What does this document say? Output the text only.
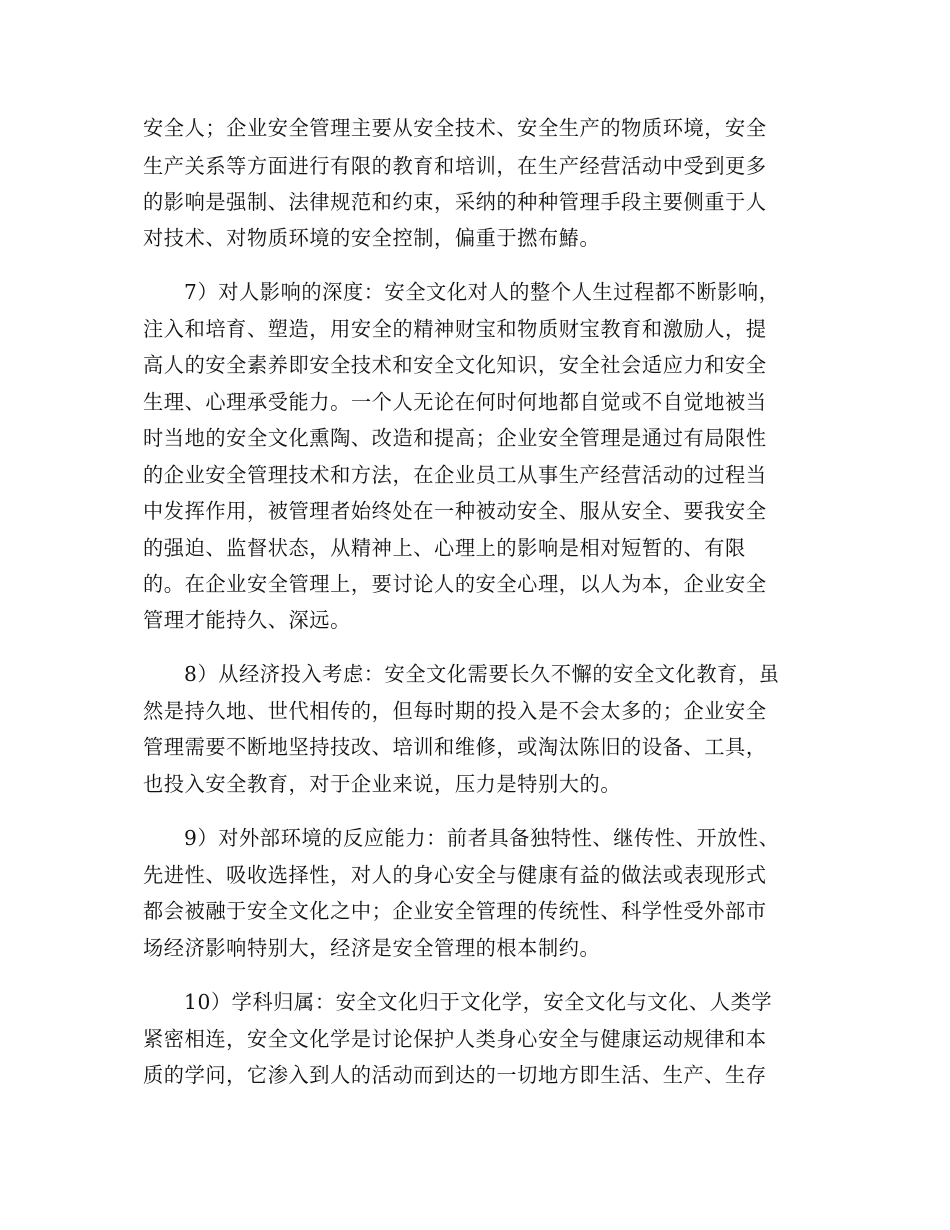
安全人；企业安全管理主要从安全技术、安全生产的物质环境，安全
生产关系等方面进行有限的教育和培训，在生产经营活动中受到更多
的影响是强制、法律规范和约束，采纳的种种管理手段主要侧重于人
对技术、对物质环境的安全控制，偏重于撚布鰆。
7）对人影响的深度：安全文化对人的整个人生过程都不断影响，
注入和培育、塑造，用安全的精神财宝和物质财宝教育和激励人，提
高人的安全素养即安全技术和安全文化知识，安全社会适应力和安全
生理、心理承受能力。一个人无论在何时何地都自觉或不自觉地被当
时当地的安全文化熏陶、改造和提高；企业安全管理是通过有局限性
的企业安全管理技术和方法，在企业员工从事生产经营活动的过程当
中发挥作用，被管理者始终处在一种被动安全、服从安全、要我安全
的强迫、监督状态，从精神上、心理上的影响是相对短暂的、有限
的。在企业安全管理上，要讨论人的安全心理，以人为本，企业安全
管理才能持久、深远。
8）从经济投入考虑：安全文化需要长久不懈的安全文化教育，虽
然是持久地、世代相传的，但每时期的投入是不会太多的；企业安全
管理需要不断地坚持技改、培训和维修，或淘汰陈旧的设备、工具，
也投入安全教育，对于企业来说，压力是特别大的。
9）对外部环境的反应能力：前者具备独特性、继传性、开放性、
先进性、吸收选择性，对人的身心安全与健康有益的做法或表现形式
都会被融于安全文化之中；企业安全管理的传统性、科学性受外部市
场经济影响特别大，经济是安全管理的根本制约。
10）学科归属：安全文化归于文化学，安全文化与文化、人类学
紧密相连，安全文化学是讨论保护人类身心安全与健康运动规律和本
质的学问，它渗入到人的活动而到达的一切地方即生活、生产、生存
